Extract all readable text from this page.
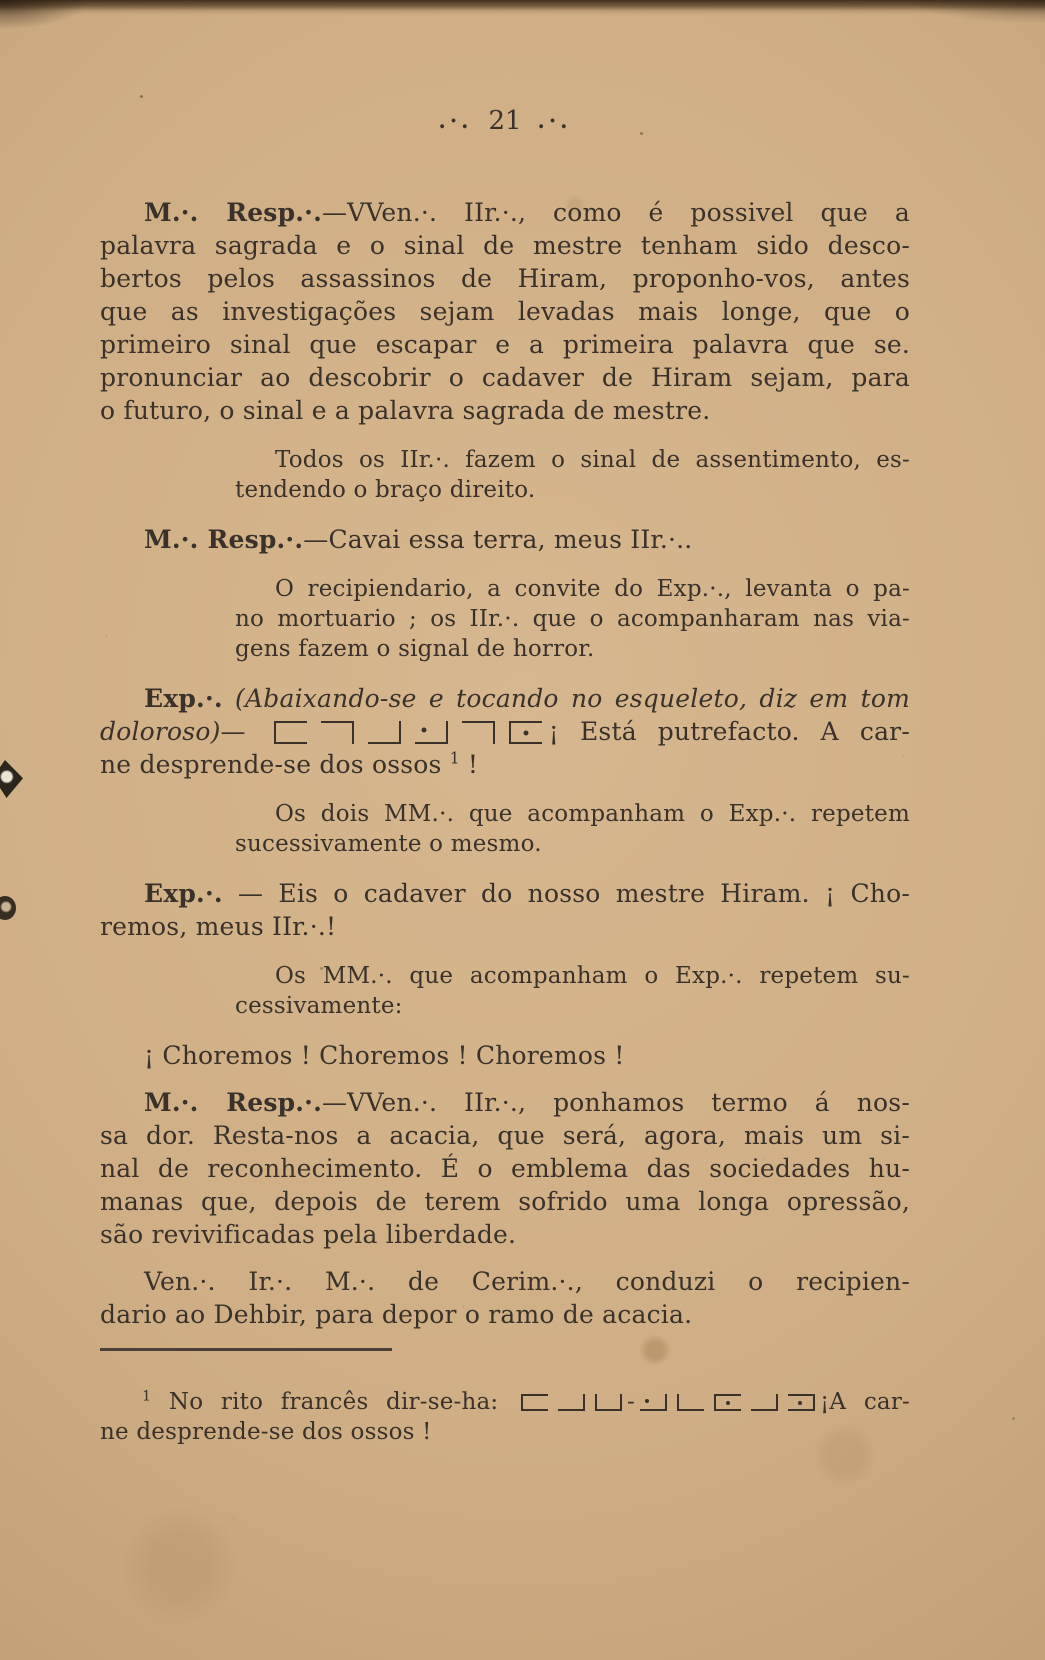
.·. 21 .·.
M.·. Resp.·.—VVen.·. IIr.·., como é possivel que a
palavra sagrada e o sinal de mestre tenham sido desco-
bertos pelos assassinos de Hiram, proponho-vos, antes
que as investigações sejam levadas mais longe, que o
primeiro sinal que escapar e a primeira palavra que se.
pronunciar ao descobrir o cadaver de Hiram sejam, para
o futuro, o sinal e a palavra sagrada de mestre.
Todos os IIr.·. fazem o sinal de assentimento, es-
tendendo o braço direito.
M.·. Resp.·.—Cavai essa terra, meus IIr.·..
O recipiendario, a convite do Exp.·., levanta o pa-
no mortuario ; os IIr.·. que o acompanharam nas via-
gens fazem o signal de horror.
Exp.·. (Abaixando-se e tocando no esqueleto, diz em tom
doloroso)—	¡ Está putrefacto. A car-
ne desprende-se dos ossos $^1$ !
Os dois MM.·. que acompanham o Exp.·. repetem
sucessivamente o mesmo.
Exp.·. — Eis o cadaver do nosso mestre Hiram. ¡ Cho-
remos, meus IIr.·.!
Os MM.·. que acompanham o Exp.·. repetem su-
cessivamente:
¡ Choremos ! Choremos ! Choremos !
M.·. Resp.·.—VVen.·. IIr.·., ponhamos termo á nos-
sa dor. Resta-nos a acacia, que será, agora, mais um si-
nal de reconhecimento. É o emblema das sociedades hu-
manas que, depois de terem sofrido uma longa opressão,
são revivificadas pela liberdade.
Ven.·. Ir.·. M.·. de Cerim.·., conduzi o recipien-
dario ao Dehbir, para depor o ramo de acacia.
$^1$ No rito francês dir-se-ha:	-	¡A car-
ne desprende-se dos ossos !
